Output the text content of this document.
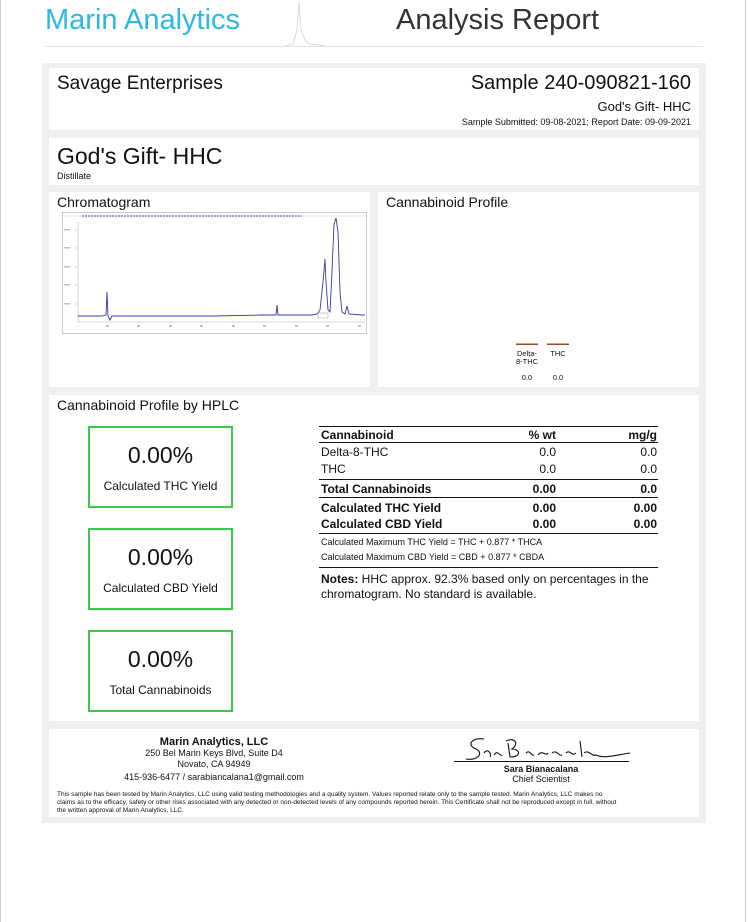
Marin Analytics	Analysis Report
Savage Enterprises	Sample 240-090821-160
God's Gift- HHC
Sample Submitted: 09-08-2021; Report Date: 09-09-2021
God's Gift- HHC
Distillate
Chromatogram	Cannabinoid Profile
Delta-
8-THC
0.0
THC
0.0
Cannabinoid Profile by HPLC
0.00%
Calculated THC Yield
0.00%
Calculated CBD Yield
0.00%
Total Cannabinoids
Cannabinoid	% wt	mg/g
Delta-8-THC	0.0	0.0
THC	0.0	0.0
Total Cannabinoids	0.00	0.0
Calculated THC Yield	0.00	0.00
Calculated CBD Yield	0.00	0.00
Calculated Maximum THC Yield = THC + 0.877 * THCA
Calculated Maximum CBD Yield = CBD + 0.877 * CBDA
Notes: HHC approx. 92.3% based only on percentages in the
chromatogram. No standard is available.
Marin Analytics, LLC
250 Bel Marin Keys Blvd, Suite D4
Novato, CA 94949
415-936-6477 / sarabiancalana1@gmail.com
Sara Bianacalana
Chief Scientist
This sample has been tested by Marin Analytics, LLC using valid testing methodologies and a quality system. Values reported relate only to the sample tested. Marin Analytics, LLC makes no
claims as to the efficacy, safety or other risks associated with any detected or non-detected levels of any compounds reported herein. This Certificate shall not be reproduced except in full, without
the written approval of Marin Analytics, LLC.
